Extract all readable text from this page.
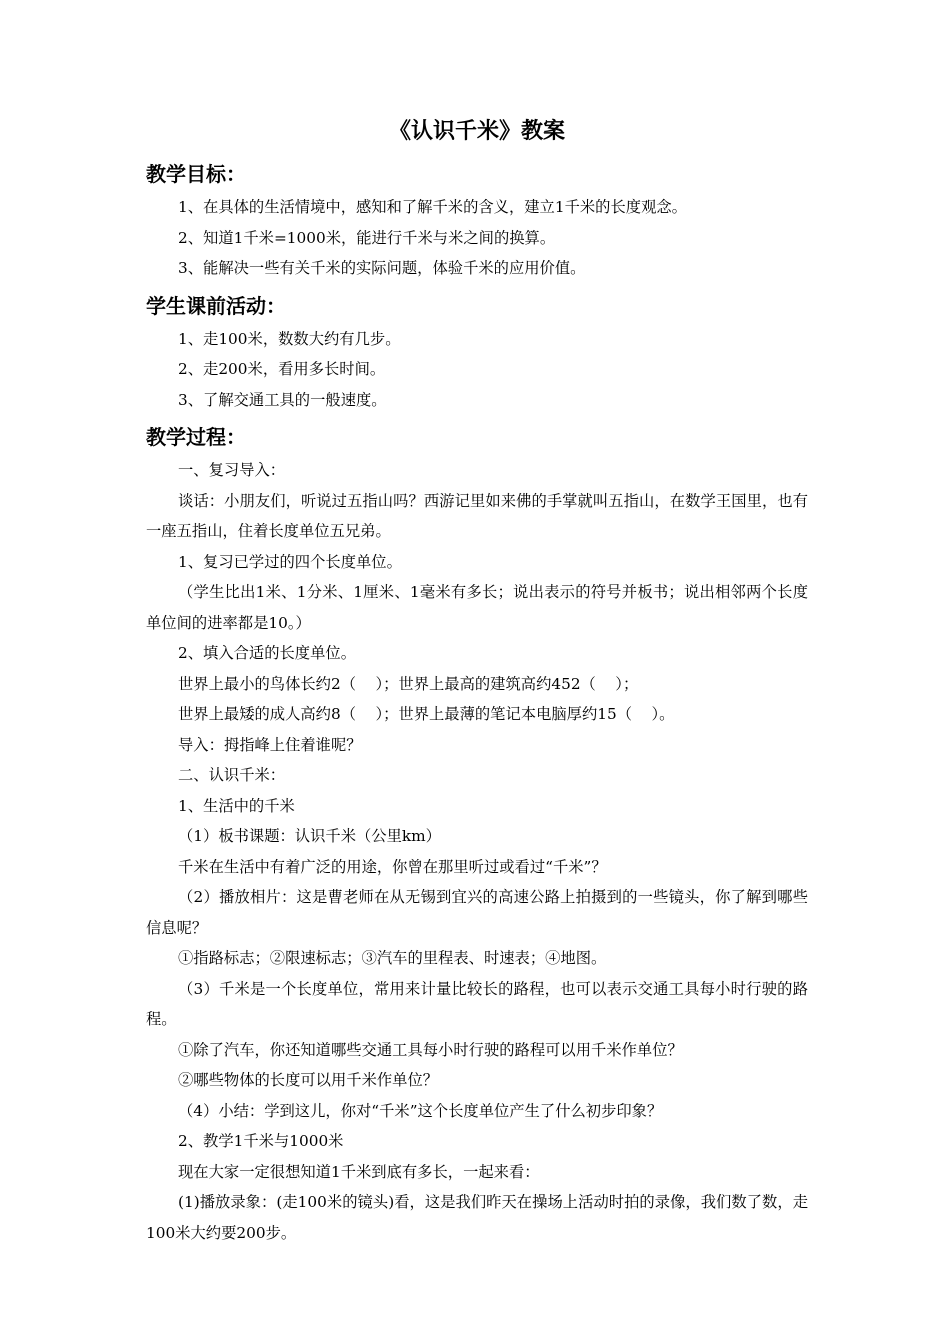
《认识千米》教案
教学目标：

1、在具体的生活情境中，感知和了解千米的含义，建立1千米的长度观念。

2、知道1千米=1000米，能进行千米与米之间的换算。

3、能解决一些有关千米的实际问题，体验千米的应用价值。

学生课前活动：

1、走100米，数数大约有几步。

2、走200米，看用多长时间。

3、了解交通工具的一般速度。

教学过程：

一、复习导入：

谈话：小朋友们，听说过五指山吗？西游记里如来佛的手掌就叫五指山，在数学王国里，也有一座五指山，住着长度单位五兄弟。

1、复习已学过的四个长度单位。

（学生比出1米、1分米、1厘米、1毫米有多长；说出表示的符号并板书；说出相邻两个长度单位间的进率都是10。）

2、填入合适的长度单位。

世界上最小的鸟体长约2（    ）；世界上最高的建筑高约452（    ）；

世界上最矮的成人高约8（    ）；世界上最薄的笔记本电脑厚约15（    ）。

导入：拇指峰上住着谁呢？

二、认识千米：

1、生活中的千米

（1）板书课题：认识千米（公里km）

千米在生活中有着广泛的用途，你曾在那里听过或看过“千米”？

（2）播放相片：这是曹老师在从无锡到宜兴的高速公路上拍摄到的一些镜头，你了解到哪些信息呢？

①指路标志；②限速标志；③汽车的里程表、时速表；④地图。

（3）千米是一个长度单位，常用来计量比较长的路程，也可以表示交通工具每小时行驶的路程。

①除了汽车，你还知道哪些交通工具每小时行驶的路程可以用千米作单位？

②哪些物体的长度可以用千米作单位？

（4）小结：学到这儿，你对“千米”这个长度单位产生了什么初步印象？

2、教学1千米与1000米

现在大家一定很想知道1千米到底有多长，一起来看：

(1)播放录象：(走100米的镜头)看，这是我们昨天在操场上活动时拍的录像，我们数了数，走100米大约要200步。
